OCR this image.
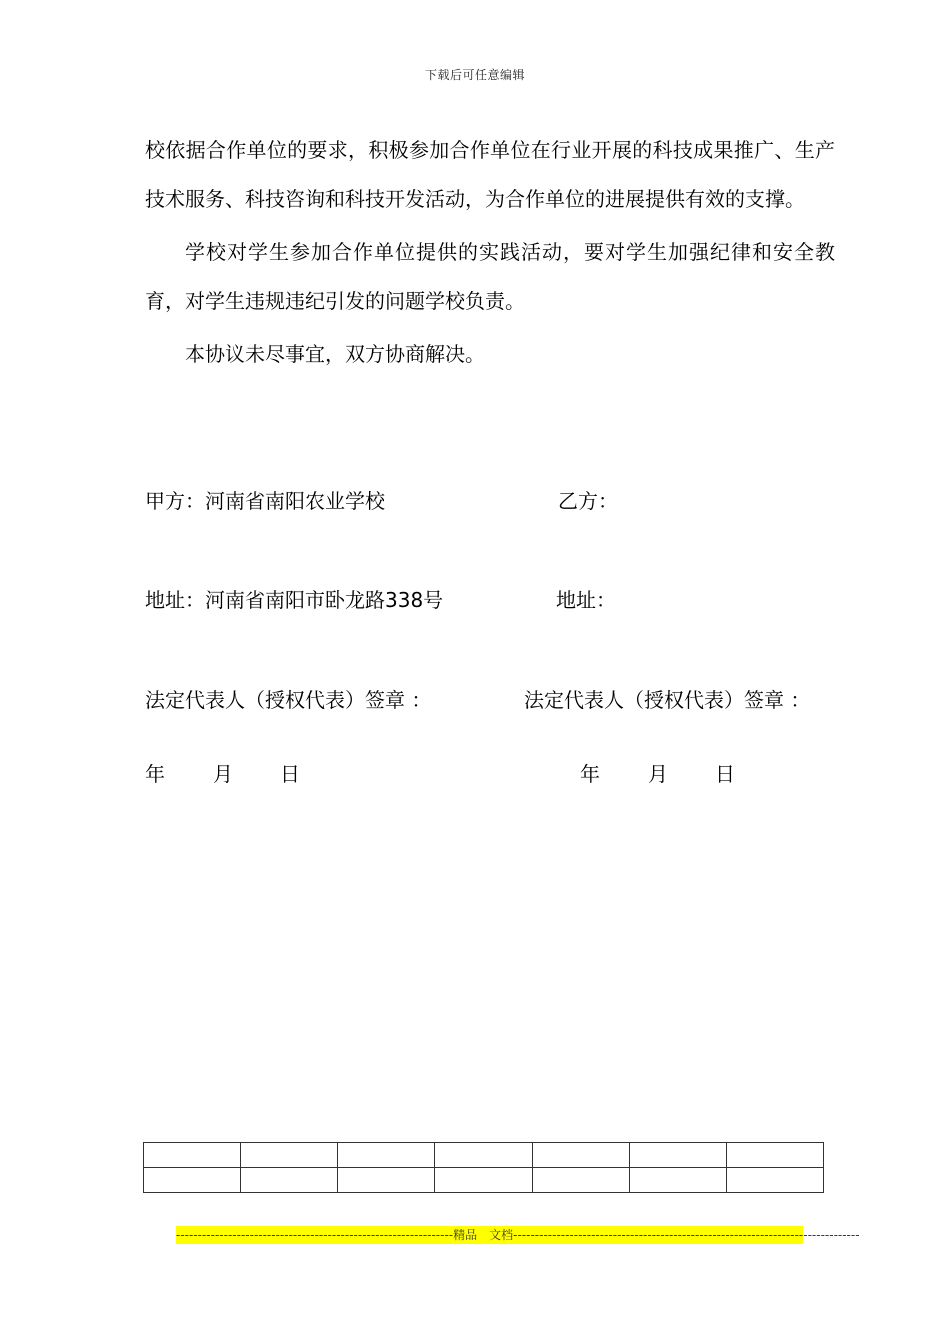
下载后可任意编辑

校依据合作单位的要求，积极参加合作单位在行业开展的科技成果推广、生产技术服务、科技咨询和科技开发活动，为合作单位的进展提供有效的支撑。

学校对学生参加合作单位提供的实践活动，要对学生加强纪律和安全教育，对学生违规违纪引发的问题学校负责。

本协议未尽事宜，双方协商解决。

甲方：河南省南阳农业学校	乙方：
地址：河南省南阳市卧龙路338号	地址：
法定代表人（授权代表）签章 ：	法定代表人（授权代表）签章 ：
年 月 日	年 月 日

----------------------------------------------------------------精品　文档--------------------------------------------------------------------------------
